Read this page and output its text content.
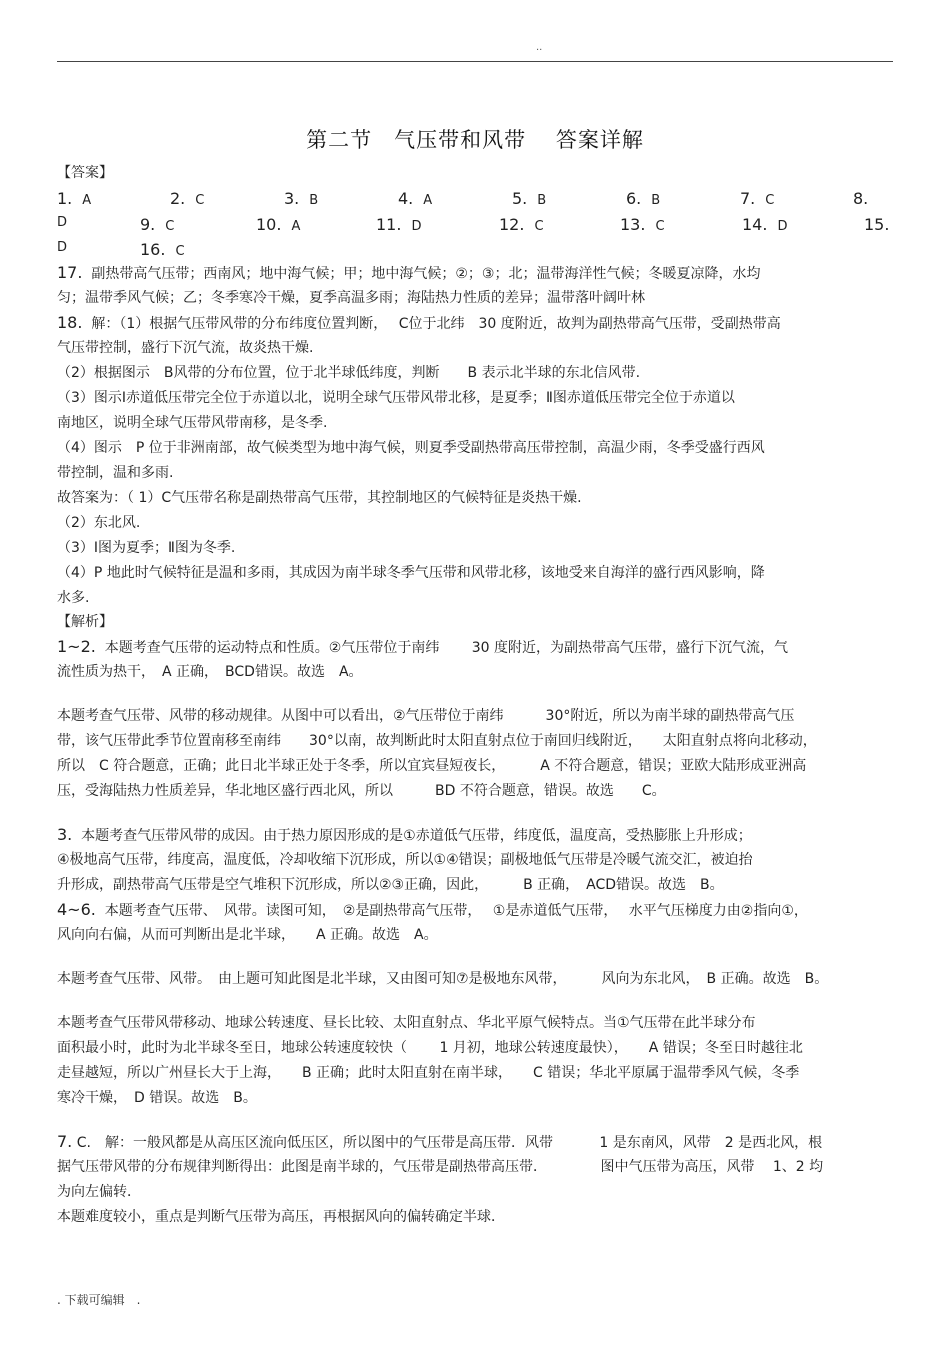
..
第二节　气压带和风带　 答案详解
【答案】
1. A	2. C	3. B	4. A	5. B	6. B	7. C	8.
D	9. C	10. A	11. D	12. C	13. C	14. D	15.
D	16. C
17. 副热带高气压带；西南风；地中海气候；甲；地中海气候；②；③；北；温带海洋性气候；冬暖夏凉降，水均
匀；温带季风气候；乙；冬季寒冷干燥，夏季高温多雨；海陆热力性质的差异；温带落叶阔叶林
18. 解：（1）根据气压带风带的分布纬度位置判断，　 C位于北纬　30 度附近，故判为副热带高气压带，受副热带高
气压带控制，盛行下沉气流，故炎热干燥.
（2）根据图示　B风带的分布位置，位于北半球低纬度，判断　　B 表示北半球的东北信风带.
（3）图示Ⅰ赤道低压带完全位于赤道以北，说明全球气压带风带北移，是夏季；Ⅱ图赤道低压带完全位于赤道以
南地区，说明全球气压带风带南移，是冬季.
（4）图示　P 位于非洲南部，故气候类型为地中海气候，则夏季受副热带高压带控制，高温少雨，冬季受盛行西风
带控制，温和多雨.
故答案为：（ 1）C气压带名称是副热带高气压带，其控制地区的气候特征是炎热干燥.
（2）东北风.
（3）Ⅰ图为夏季；Ⅱ图为冬季.
（4）P 地此时气候特征是温和多雨，其成因为南半球冬季气压带和风带北移，该地受来自海洋的盛行西风影响，降
水多.
【解析】
1~2. 本题考查气压带的运动特点和性质。②气压带位于南纬　　 30 度附近，为副热带高气压带，盛行下沉气流，气
流性质为热干，　A 正确，　BCD错误。故选　A。
本题考查气压带、风带的移动规律。从图中可以看出，②气压带位于南纬　　　30°附近，所以为南半球的副热带高气压
带，该气压带此季节位置南移至南纬　　30°以南，故判断此时太阳直射点位于南回归线附近，　　太阳直射点将向北移动，
所以　C 符合题意，正确；此日北半球正处于冬季，所以宜宾昼短夜长，　　　A 不符合题意，错误；亚欧大陆形成亚洲高
压，受海陆热力性质差异，华北地区盛行西北风，所以　　　BD 不符合题意，错误。故选　　C。
3. 本题考查气压带风带的成因。由于热力原因形成的是①赤道低气压带，纬度低，温度高，受热膨胀上升形成；
④极地高气压带，纬度高，温度低，冷却收缩下沉形成，所以①④错误；副极地低气压带是冷暖气流交汇，被迫抬
升形成，副热带高气压带是空气堆积下沉形成，所以②③正确，因此，　　　B 正确，　ACD错误。故选　B。
4~6. 本题考查气压带、　风带。读图可知，　②是副热带高气压带，　 ①是赤道低气压带，　 水平气压梯度力由②指向①，
风向向右偏，从而可判断出是北半球，　　A 正确。故选　A。
本题考查气压带、风带。　由上题可知此图是北半球，又由图可知⑦是极地东风带，　　　风向为东北风，　B 正确。故选　B。
本题考查气压带风带移动、地球公转速度、昼长比较、太阳直射点、华北平原气候特点。当①气压带在此半球分布
面积最小时，此时为北半球冬至日，地球公转速度较快（　　 1 月初，地球公转速度最快），　　A 错误；冬至日时越往北
走昼越短，所以广州昼长大于上海，　　B 正确；此时太阳直射在南半球，　　C 错误；华北平原属于温带季风气候，冬季
寒冷干燥，　D 错误。故选　B。
7. C.　解：一般风都是从高压区流向低压区，所以图中的气压带是高压带．风带　　　 1 是东南风，风带　2 是西北风，根
据气压带风带的分布规律判断得出：此图是南半球的，气压带是副热带高压带．　　　　 图中气压带为高压，风带　 1、2 均
为向左偏转．
本题难度较小，重点是判断气压带为高压，再根据风向的偏转确定半球．
. 下载可编辑　.
